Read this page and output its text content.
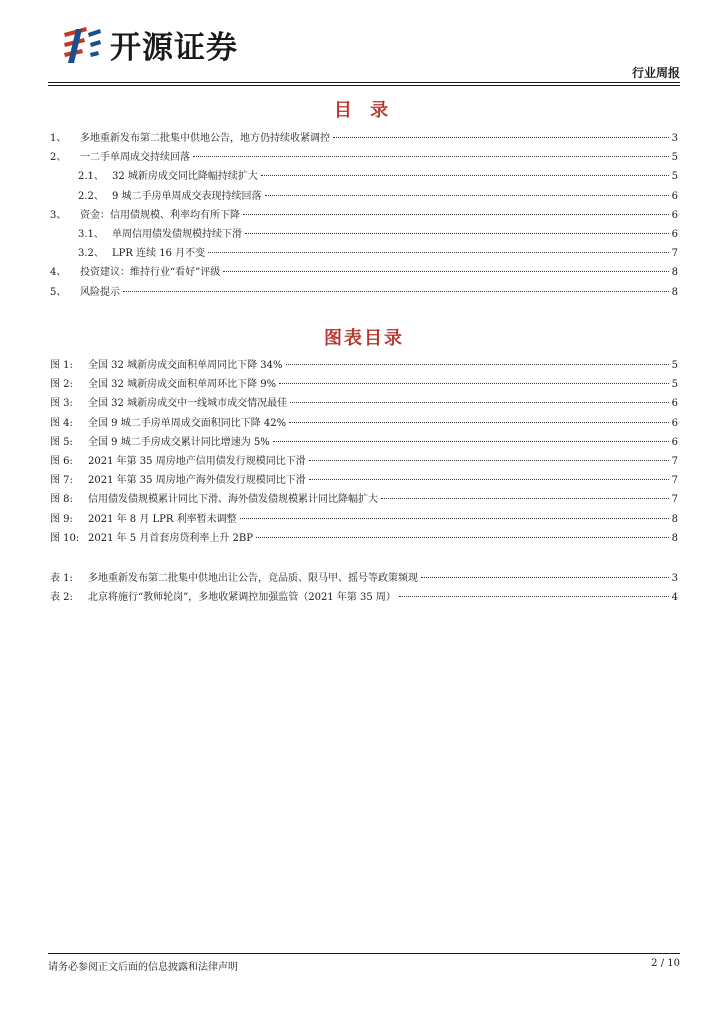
开源证券
行业周报
目 录
1、	多地重新发布第二批集中供地公告，地方仍持续收紧调控	3
2、	一二手单周成交持续回落	5
2.1、 32 城新房成交同比降幅持续扩大	5
2.2、 9 城二手房单周成交表现持续回落	6
3、	资金：信用债规模、利率均有所下降	6
3.1、 单周信用债发债规模持续下滑	6
3.2、 LPR 连续 16 月不变	7
4、	投资建议：维持行业“看好”评级	8
5、	风险提示	8
图表目录
图 1:	全国 32 城新房成交面积单周同比下降 34%	5
图 2:	全国 32 城新房成交面积单周环比下降 9%	5
图 3:	全国 32 城新房成交中一线城市成交情况最佳	6
图 4:	全国 9 城二手房单周成交面积同比下降 42%	6
图 5:	全国 9 城二手房成交累计同比增速为 5%	6
图 6:	2021 年第 35 周房地产信用债发行规模同比下滑	7
图 7:	2021 年第 35 周房地产海外债发行规模同比下滑	7
图 8:	信用债发债规模累计同比下滑、海外债发债规模累计同比降幅扩大	7
图 9:	2021 年 8 月 LPR 利率暂未调整	8
图 10: 2021 年 5 月首套房贷利率上升 2BP	8
表 1:	多地重新发布第二批集中供地出让公告，竞品质、限马甲、摇号等政策频现	3
表 2:	北京将施行“教师轮岗”，多地收紧调控加强监管（2021 年第 35 周）	4
请务必参阅正文后面的信息披露和法律声明	2 / 10
